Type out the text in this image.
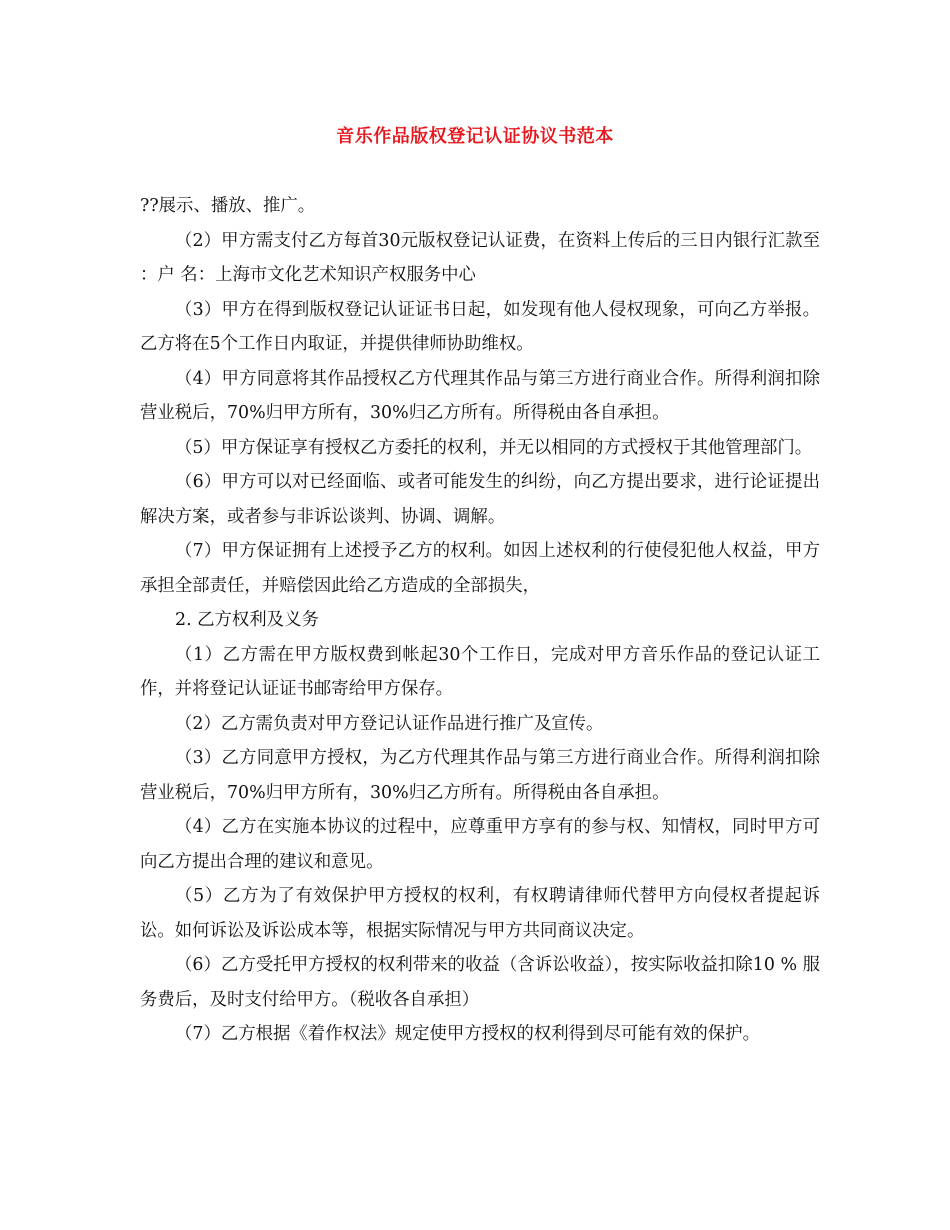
音乐作品版权登记认证协议书范本

??展示、播放、推广。

（2）甲方需支付乙方每首30元版权登记认证费，在资料上传后的三日内银行汇款至 ：户 名：上海市文化艺术知识产权服务中心

（3）甲方在得到版权登记认证证书日起，如发现有他人侵权现象，可向乙方举报。乙方将在5个工作日内取证，并提供律师协助维权。

（4）甲方同意将其作品授权乙方代理其作品与第三方进行商业合作。所得利润扣除营业税后，70%归甲方所有，30%归乙方所有。所得税由各自承担。

（5）甲方保证享有授权乙方委托的权利，并无以相同的方式授权于其他管理部门。

（6）甲方可以对已经面临、或者可能发生的纠纷，向乙方提出要求，进行论证提出解决方案，或者参与非诉讼谈判、协调、调解。

（7）甲方保证拥有上述授予乙方的权利。如因上述权利的行使侵犯他人权益，甲方承担全部责任，并赔偿因此给乙方造成的全部损失，

2. 乙方权利及义务

（1）乙方需在甲方版权费到帐起30个工作日，完成对甲方音乐作品的登记认证工作，并将登记认证证书邮寄给甲方保存。

（2）乙方需负责对甲方登记认证作品进行推广及宣传。

（3）乙方同意甲方授权，为乙方代理其作品与第三方进行商业合作。所得利润扣除营业税后，70%归甲方所有，30%归乙方所有。所得税由各自承担。

（4）乙方在实施本协议的过程中，应尊重甲方享有的参与权、知情权，同时甲方可向乙方提出合理的建议和意见。

（5）乙方为了有效保护甲方授权的权利，有权聘请律师代替甲方向侵权者提起诉讼。如何诉讼及诉讼成本等，根据实际情况与甲方共同商议决定。

（6）乙方受托甲方授权的权利带来的收益（含诉讼收益），按实际收益扣除10 % 服务费后，及时支付给甲方。（税收各自承担）

（7）乙方根据《着作权法》规定使甲方授权的权利得到尽可能有效的保护。
